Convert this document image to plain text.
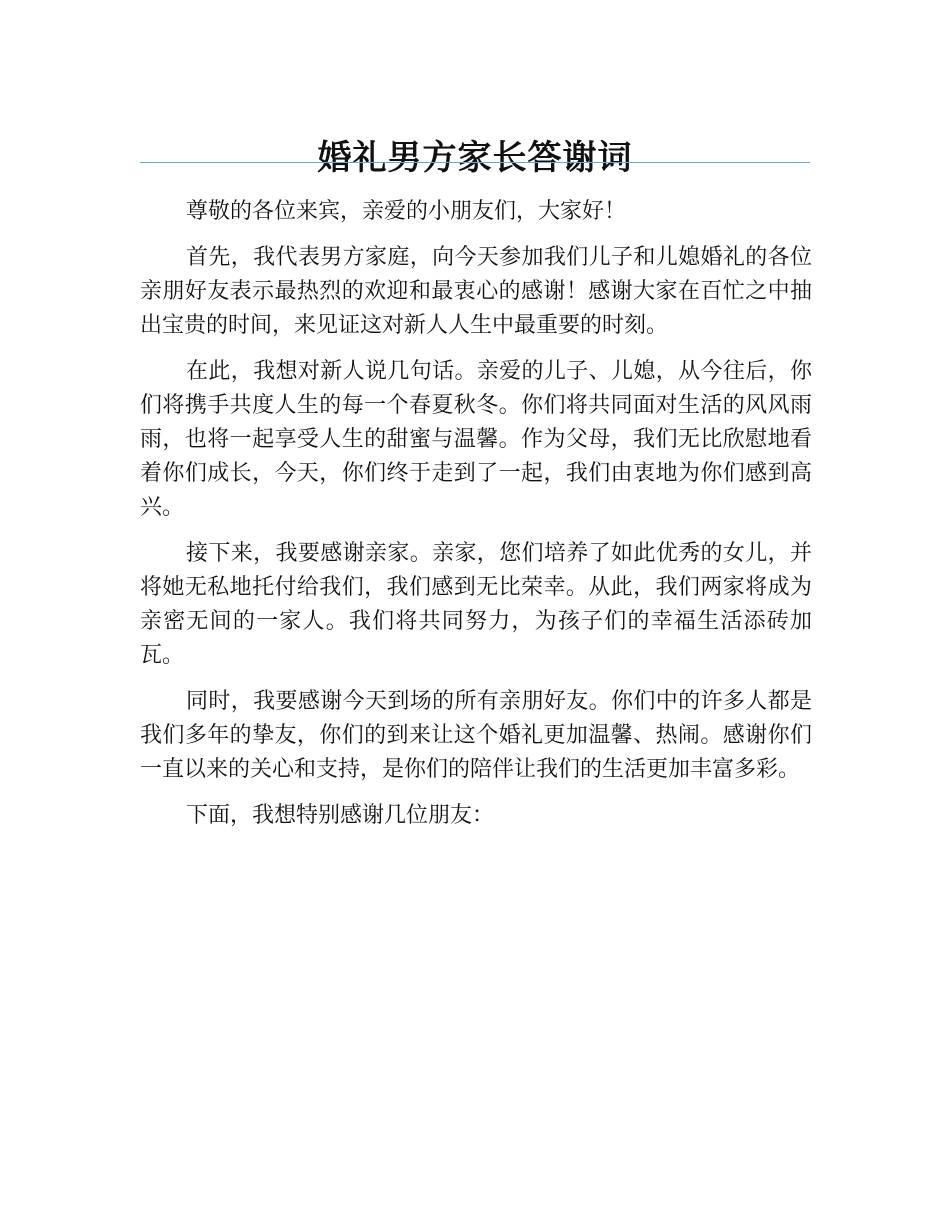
婚礼男方家长答谢词

尊敬的各位来宾，亲爱的小朋友们，大家好！

首先，我代表男方家庭，向今天参加我们儿子和儿媳婚礼的各位亲朋好友表示最热烈的欢迎和最衷心的感谢！感谢大家在百忙之中抽出宝贵的时间，来见证这对新人人生中最重要的时刻。

在此，我想对新人说几句话。亲爱的儿子、儿媳，从今往后，你们将携手共度人生的每一个春夏秋冬。你们将共同面对生活的风风雨雨，也将一起享受人生的甜蜜与温馨。作为父母，我们无比欣慰地看着你们成长，今天，你们终于走到了一起，我们由衷地为你们感到高兴。

接下来，我要感谢亲家。亲家，您们培养了如此优秀的女儿，并将她无私地托付给我们，我们感到无比荣幸。从此，我们两家将成为亲密无间的一家人。我们将共同努力，为孩子们的幸福生活添砖加瓦。

同时，我要感谢今天到场的所有亲朋好友。你们中的许多人都是我们多年的挚友，你们的到来让这个婚礼更加温馨、热闹。感谢你们一直以来的关心和支持，是你们的陪伴让我们的生活更加丰富多彩。

下面，我想特别感谢几位朋友：
